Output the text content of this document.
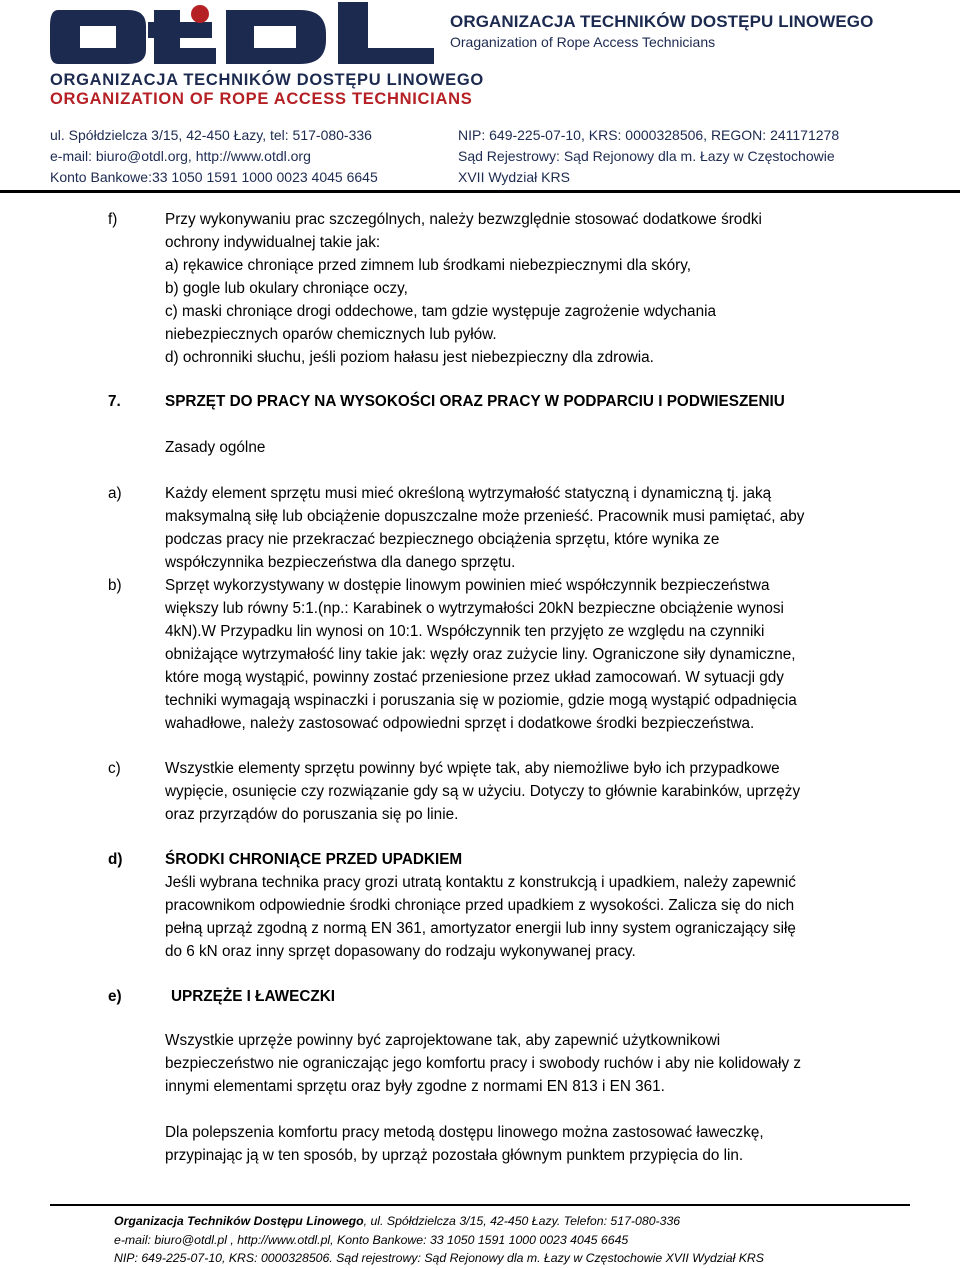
ORGANIZACJA TECHNIKÓW DOSTĘPU LINOWEGO
Oraganization of Rope Access Technicians
ORGANIZACJA TECHNIKÓW DOSTĘPU LINOWEGO
ORGANIZATION OF ROPE ACCESS TECHNICIANS
ul. Spółdzielcza 3/15, 42-450 Łazy, tel: 517-080-336
e-mail: biuro@otdl.org, http://www.otdl.org
Konto Bankowe:33 1050 1591 1000 0023 4045 6645
NIP: 649-225-07-10, KRS: 0000328506, REGON: 241171278
Sąd Rejestrowy: Sąd Rejonowy dla m. Łazy w Częstochowie
XVII Wydział KRS
f)	Przy wykonywaniu prac szczególnych, należy bezwzględnie stosować dodatkowe środki
ochrony indywidualnej takie jak:
a) rękawice chroniące przed zimnem lub środkami niebezpiecznymi dla skóry,
b) gogle lub okulary chroniące oczy,
c) maski chroniące drogi oddechowe, tam gdzie występuje zagrożenie wdychania
niebezpiecznych oparów chemicznych lub pyłów.
d) ochronniki słuchu, jeśli poziom hałasu jest niebezpieczny dla zdrowia.
7.	SPRZĘT DO PRACY NA WYSOKOŚCI ORAZ PRACY W PODPARCIU I PODWIESZENIU
Zasady ogólne
a)	Każdy element sprzętu musi mieć określoną wytrzymałość statyczną i dynamiczną tj. jaką
maksymalną siłę lub obciążenie dopuszczalne może przenieść. Pracownik musi pamiętać, aby
podczas pracy nie przekraczać bezpiecznego obciążenia sprzętu, które wynika ze
współczynnika bezpieczeństwa dla danego sprzętu.
b)	Sprzęt wykorzystywany w dostępie linowym powinien mieć współczynnik bezpieczeństwa
większy lub równy 5:1.(np.: Karabinek o wytrzymałości 20kN bezpieczne obciążenie wynosi
4kN).W Przypadku lin wynosi on 10:1. Współczynnik ten przyjęto ze względu na czynniki
obniżające wytrzymałość liny takie jak: węzły oraz zużycie liny. Ograniczone siły dynamiczne,
które mogą wystąpić, powinny zostać przeniesione przez układ zamocowań. W sytuacji gdy
techniki wymagają wspinaczki i poruszania się w poziomie, gdzie mogą wystąpić odpadnięcia
wahadłowe, należy zastosować odpowiedni sprzęt i dodatkowe środki bezpieczeństwa.
c)	Wszystkie elementy sprzętu powinny być wpięte tak, aby niemożliwe było ich przypadkowe
wypięcie, osunięcie czy rozwiązanie gdy są w użyciu. Dotyczy to głównie karabinków, uprzęży
oraz przyrządów do poruszania się po linie.
d)	ŚRODKI CHRONIĄCE PRZED UPADKIEM
Jeśli wybrana technika pracy grozi utratą kontaktu z konstrukcją i upadkiem, należy zapewnić
pracownikom odpowiednie środki chroniące przed upadkiem z wysokości. Zalicza się do nich
pełną uprząż zgodną z normą EN 361, amortyzator energii lub inny system ograniczający siłę
do 6 kN oraz inny sprzęt dopasowany do rodzaju wykonywanej pracy.
e)	UPRZĘŻE I ŁAWECZKI
Wszystkie uprzęże powinny być zaprojektowane tak, aby zapewnić użytkownikowi
bezpieczeństwo nie ograniczając jego komfortu pracy i swobody ruchów i aby nie kolidowały z
innymi elementami sprzętu oraz były zgodne z normami EN 813 i EN 361.
Dla polepszenia komfortu pracy metodą dostępu linowego można zastosować ławeczkę,
przypinając ją w ten sposób, by uprząż pozostała głównym punktem przypięcia do lin.
Organizacja Techników Dostępu Linowego, ul. Spółdzielcza 3/15, 42-450 Łazy. Telefon: 517-080-336
e-mail: biuro@otdl.pl , http://www.otdl.pl, Konto Bankowe: 33 1050 1591 1000 0023 4045 6645
NIP: 649-225-07-10, KRS: 0000328506. Sąd rejestrowy: Sąd Rejonowy dla m. Łazy w Częstochowie XVII Wydział KRS
